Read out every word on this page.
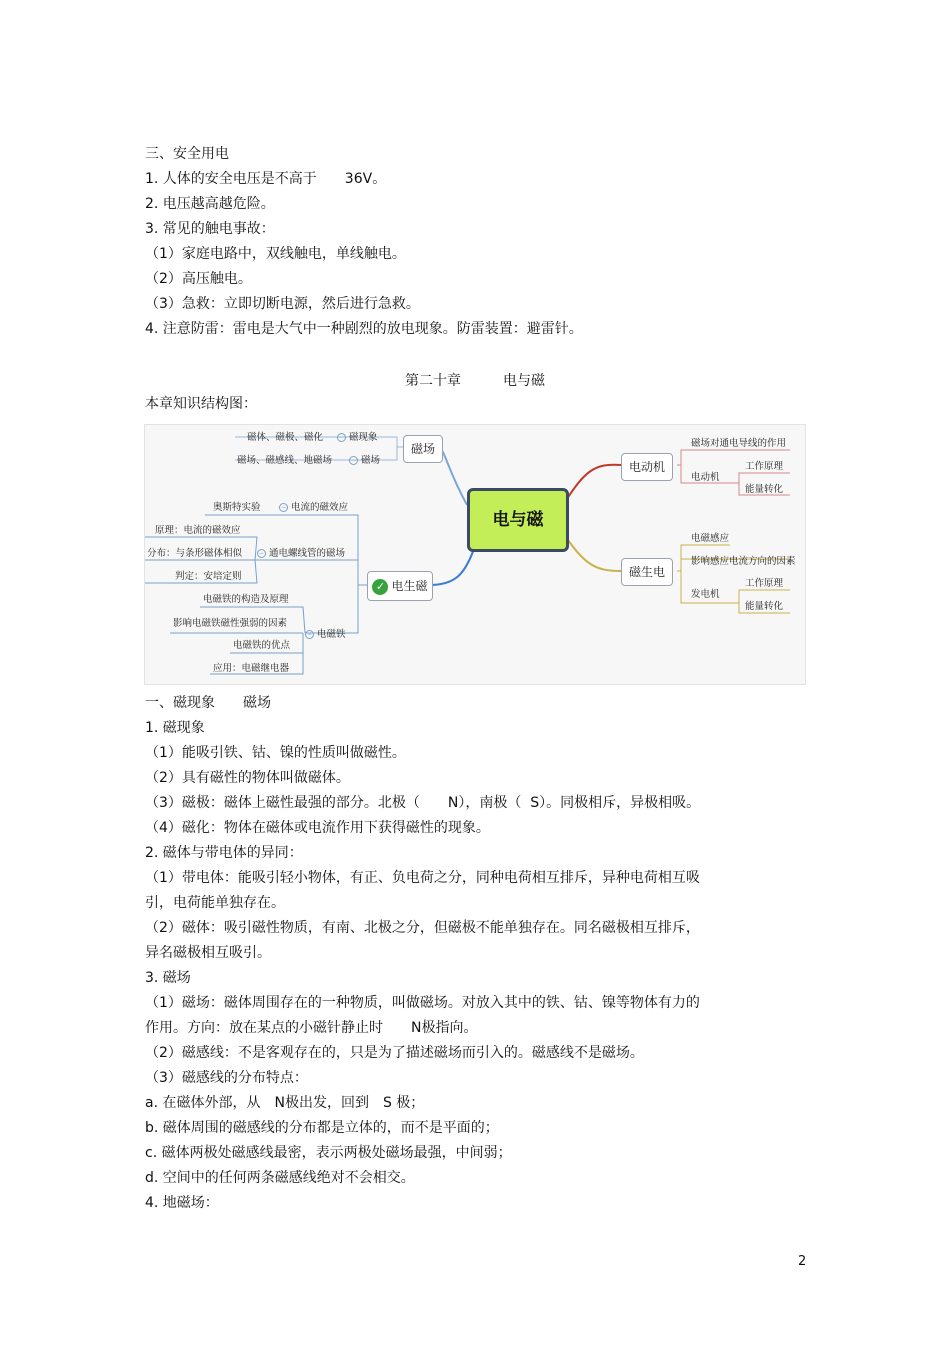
三、安全用电
1. 人体的安全电压是不高于　　36V。
2. 电压越高越危险。
3. 常见的触电事故：
（1）家庭电路中，双线触电，单线触电。
（2）高压触电。
（3）急救：立即切断电源，然后进行急救。
4. 注意防雷：雷电是大气中一种剧烈的放电现象。防雷装置：避雷针。
第二十章　　　电与磁
本章知识结构图：
电与磁
磁场
磁体、磁极、磁化	− 磁现象
磁场、磁感线、地磁场	− 磁场	电动机
磁场对通电导线的作用
电动机
工作原理
能量转化
磁生电
电磁感应
影响感应电流方向的因素
发电机
工作原理
能量转化
✓ 电生磁
奥斯特实验	− 电流的磁效应
原理：电流的磁效应
分布：与条形磁体相似	− 通电螺线管的磁场
判定：安培定则
电磁铁的构造及原理
影响电磁铁磁性强弱的因素
− 电磁铁
电磁铁的优点
应用：电磁继电器
一、磁现象　　磁场
1. 磁现象
（1）能吸引铁、钴、镍的性质叫做磁性。
（2）具有磁性的物体叫做磁体。
（3）磁极：磁体上磁性最强的部分。北极（　　N），南极（  S）。同极相斥，异极相吸。
（4）磁化：物体在磁体或电流作用下获得磁性的现象。
2. 磁体与带电体的异同：
（1）带电体：能吸引轻小物体，有正、负电荷之分，同种电荷相互排斥，异种电荷相互吸
引，电荷能单独存在。
（2）磁体：吸引磁性物质，有南、北极之分，但磁极不能单独存在。同名磁极相互排斥，
异名磁极相互吸引。
3. 磁场
（1）磁场：磁体周围存在的一种物质，叫做磁场。对放入其中的铁、钴、镍等物体有力的
作用。方向：放在某点的小磁针静止时　　N极指向。
（2）磁感线：不是客观存在的，只是为了描述磁场而引入的。磁感线不是磁场。
（3）磁感线的分布特点：
a. 在磁体外部，从　N极出发，回到　S 极；
b. 磁体周围的磁感线的分布都是立体的，而不是平面的；
c. 磁体两极处磁感线最密，表示两极处磁场最强，中间弱；
d. 空间中的任何两条磁感线绝对不会相交。
4. 地磁场：
2
